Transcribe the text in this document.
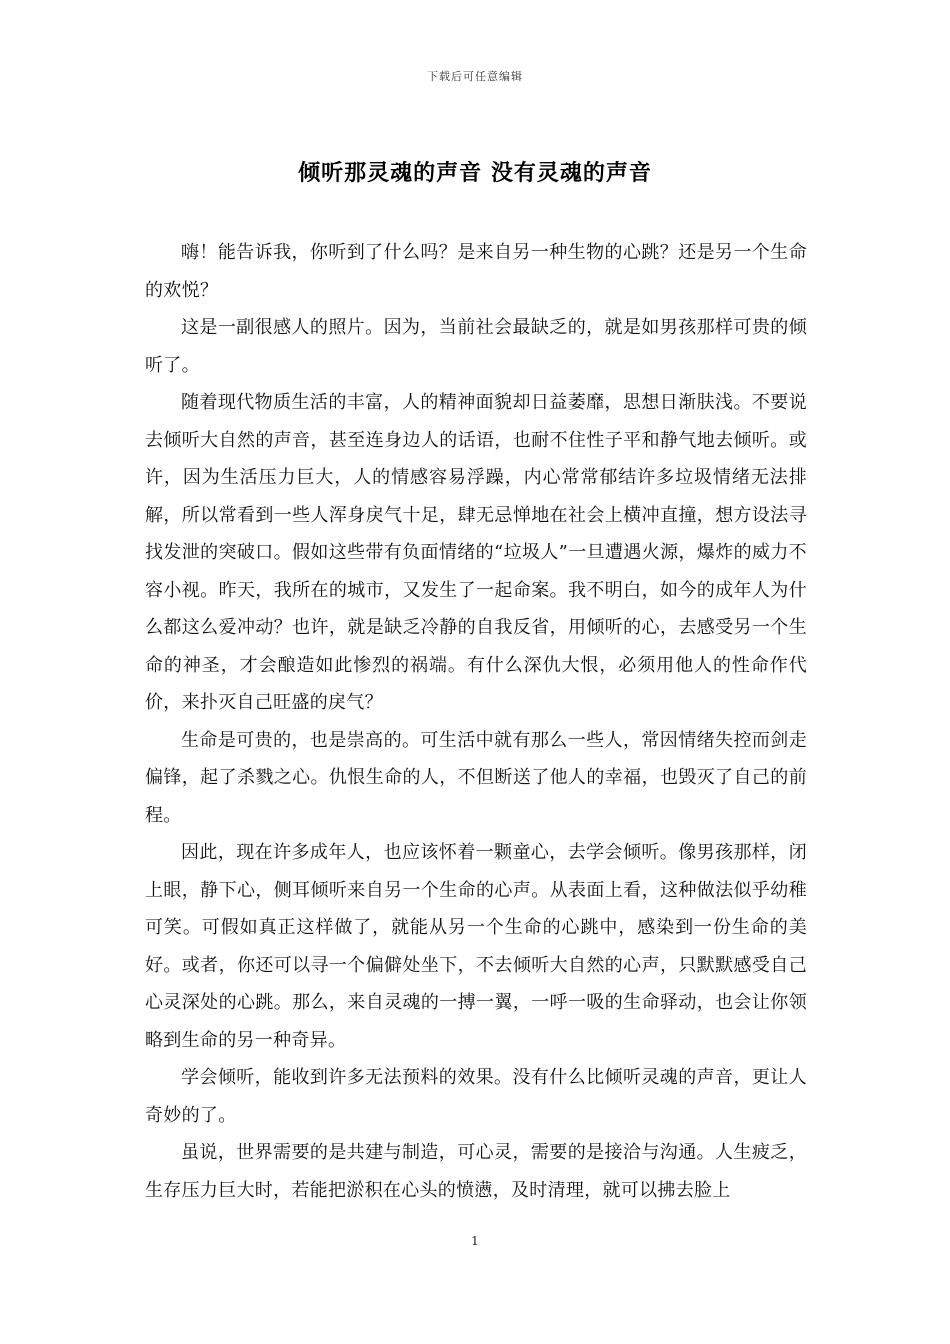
下载后可任意编辑
倾听那灵魂的声音 没有灵魂的声音

嗨！能告诉我，你听到了什么吗？是来自另一种生物的心跳？还是另一个生命的欢悦？

这是一副很感人的照片。因为，当前社会最缺乏的，就是如男孩那样可贵的倾听了。

随着现代物质生活的丰富，人的精神面貌却日益萎靡，思想日渐肤浅。不要说去倾听大自然的声音，甚至连身边人的话语，也耐不住性子平和静气地去倾听。或许，因为生活压力巨大，人的情感容易浮躁，内心常常郁结许多垃圾情绪无法排解，所以常看到一些人浑身戾气十足，肆无忌惮地在社会上横冲直撞，想方设法寻找发泄的突破口。假如这些带有负面情绪的“垃圾人”一旦遭遇火源，爆炸的威力不容小视。昨天，我所在的城市，又发生了一起命案。我不明白，如今的成年人为什么都这么爱冲动？也许，就是缺乏冷静的自我反省，用倾听的心，去感受另一个生命的神圣，才会酿造如此惨烈的祸端。有什么深仇大恨，必须用他人的性命作代价，来扑灭自己旺盛的戾气？

生命是可贵的，也是崇高的。可生活中就有那么一些人，常因情绪失控而剑走偏锋，起了杀戮之心。仇恨生命的人，不但断送了他人的幸福，也毁灭了自己的前程。

因此，现在许多成年人，也应该怀着一颗童心，去学会倾听。像男孩那样，闭上眼，静下心，侧耳倾听来自另一个生命的心声。从表面上看，这种做法似乎幼稚可笑。可假如真正这样做了，就能从另一个生命的心跳中，感染到一份生命的美好。或者，你还可以寻一个偏僻处坐下，不去倾听大自然的心声，只默默感受自己心灵深处的心跳。那么，来自灵魂的一搏一翼，一呼一吸的生命驿动，也会让你领略到生命的另一种奇异。

学会倾听，能收到许多无法预料的效果。没有什么比倾听灵魂的声音，更让人奇妙的了。

虽说，世界需要的是共建与制造，可心灵，需要的是接洽与沟通。人生疲乏，生存压力巨大时，若能把淤积在心头的愤懑，及时清理，就可以拂去脸上

1
